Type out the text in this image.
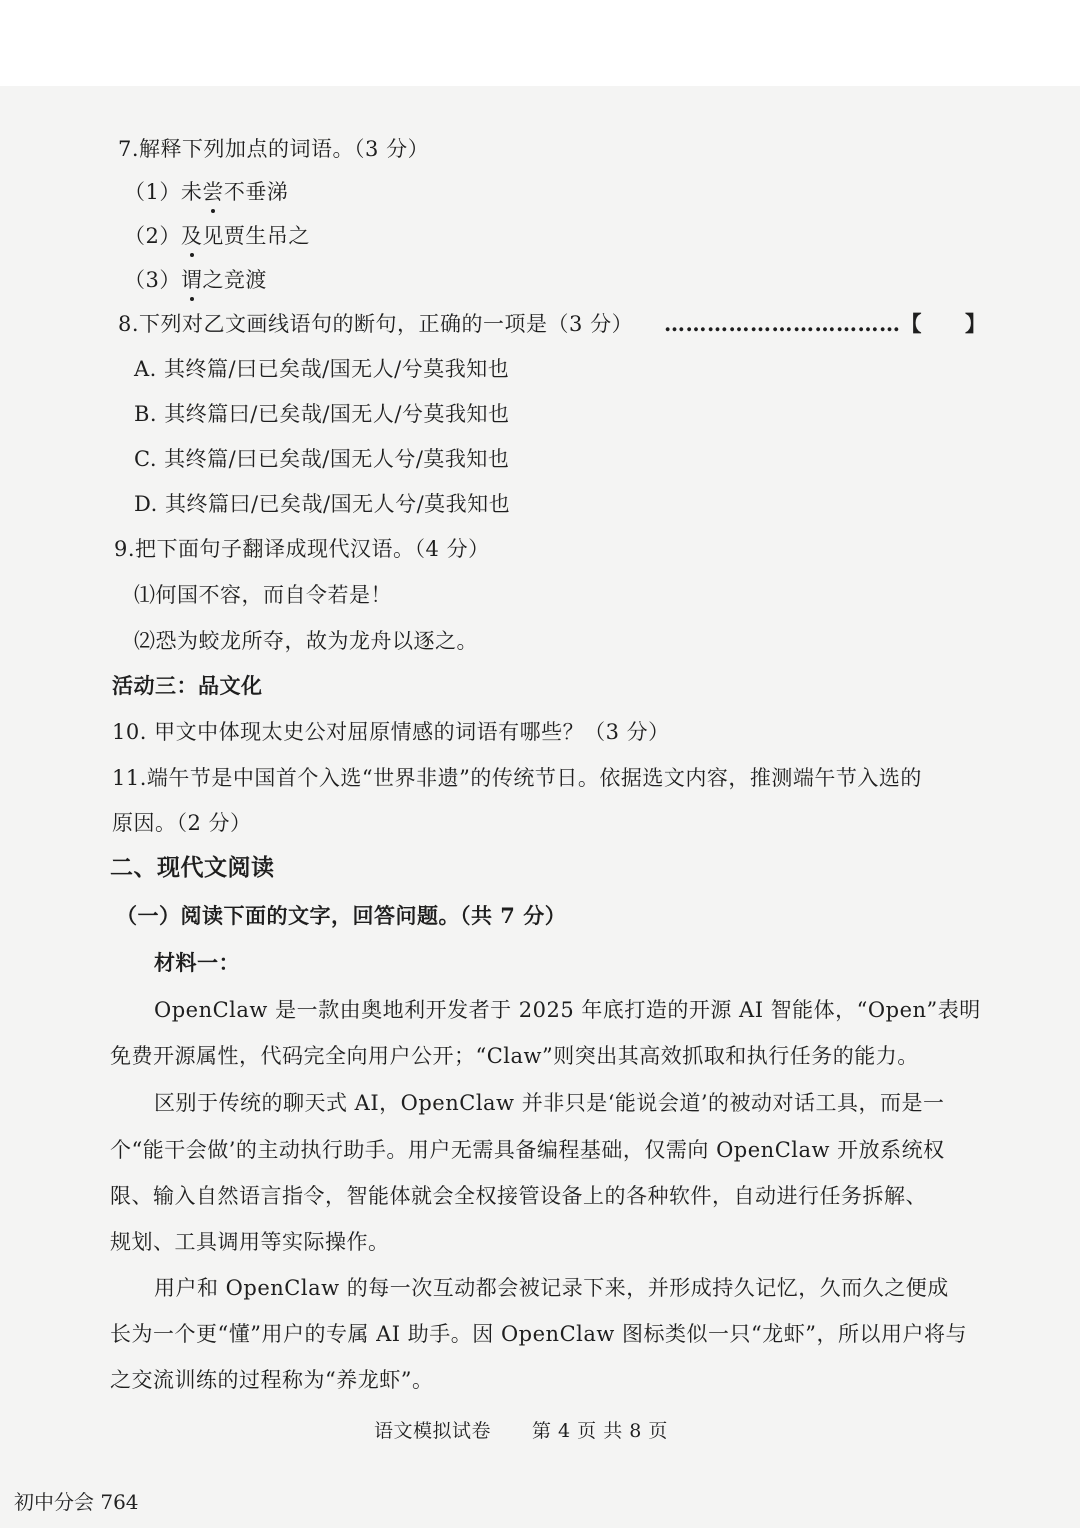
7.解释下列加点的词语。（3 分）
（1）未尝不垂涕
（2）及见贾生吊之
（3）谓之竞渡
8.下列对乙文画线语句的断句，正确的一项是（3 分） ……………………………【　　】
A. 其终篇/曰已矣哉/国无人/兮莫我知也
B. 其终篇曰/已矣哉/国无人/兮莫我知也
C. 其终篇/曰已矣哉/国无人兮/莫我知也
D. 其终篇曰/已矣哉/国无人兮/莫我知也
9.把下面句子翻译成现代汉语。（4 分）
⑴何国不容，而自令若是！
⑵恐为蛟龙所夺，故为龙舟以逐之。
活动三：品文化
10. 甲文中体现太史公对屈原情感的词语有哪些？（3 分）
11.端午节是中国首个入选“世界非遗”的传统节日。依据选文内容，推测端午节入选的
原因。（2 分）
二、现代文阅读
（一）阅读下面的文字，回答问题。（共 7 分）
材料一：
OpenClaw 是一款由奥地利开发者于 2025 年底打造的开源 AI 智能体，“Open”表明
免费开源属性，代码完全向用户公开；“Claw”则突出其高效抓取和执行任务的能力。
区别于传统的聊天式 AI，OpenClaw 并非只是‘能说会道’的被动对话工具，而是一
个“能干会做’的主动执行助手。用户无需具备编程基础，仅需向 OpenClaw 开放系统权
限、输入自然语言指令，智能体就会全权接管设备上的各种软件，自动进行任务拆解、
规划、工具调用等实际操作。
用户和 OpenClaw 的每一次互动都会被记录下来，并形成持久记忆，久而久之便成
长为一个更“懂”用户的专属 AI 助手。因 OpenClaw 图标类似一只“龙虾”，所以用户将与
之交流训练的过程称为“养龙虾”。
语文模拟试卷 第 4 页 共 8 页
初中分会 764
